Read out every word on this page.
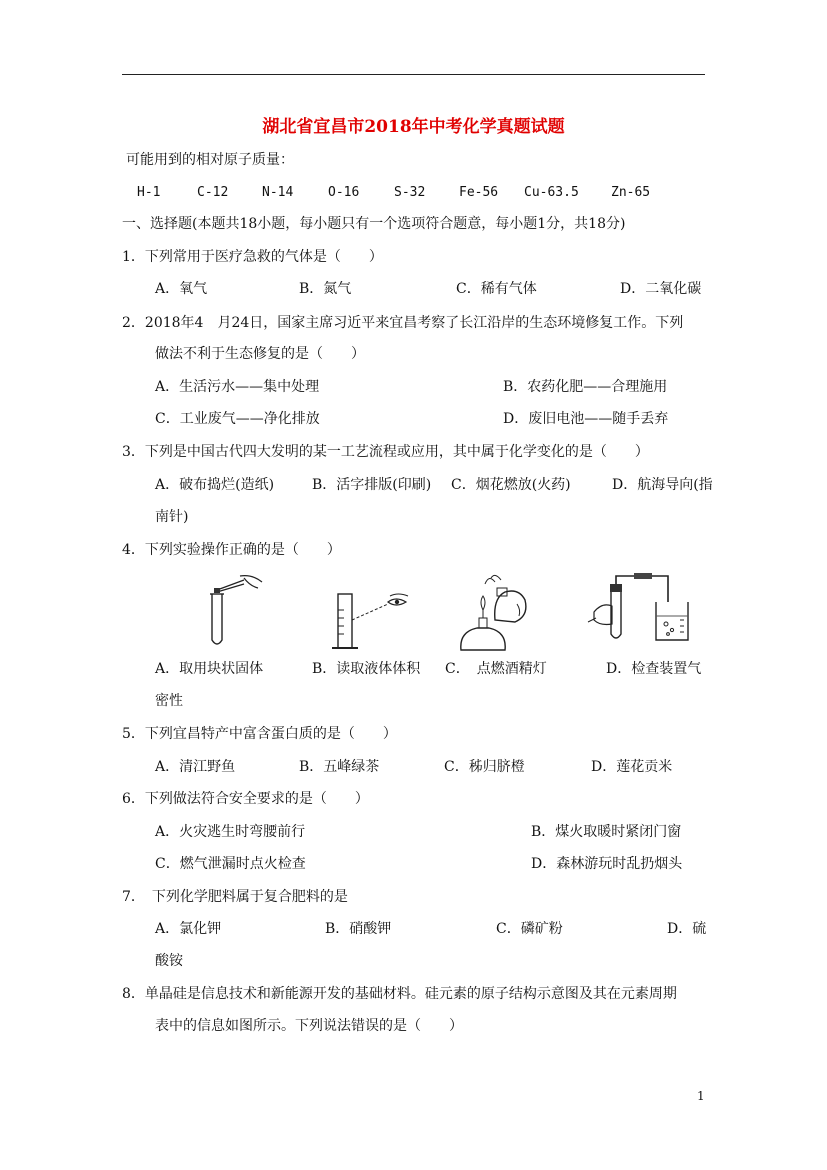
湖北省宜昌市2018年中考化学真题试题
可能用到的相对原子质量：
H-1	C-12	N-14	O-16	S-32	Fe-56 Cu-63.5 Zn-65
一、选择题(本题共18小题，每小题只有一个选项符合题意，每小题1分，共18分)
1．下列常用于医疗急救的气体是（　　）
A．氧气	B．氮气	C．稀有气体	D．二氧化碳
2．2018年4　月24日，国家主席习近平来宜昌考察了长江沿岸的生态环境修复工作。下列
做法不利于生态修复的是（　　）
A．生活污水——集中处理	B．农药化肥——合理施用
C．工业废气——净化排放	D．废旧电池——随手丢弃
3．下列是中国古代四大发明的某一工艺流程或应用，其中属于化学变化的是（　　）
A．破布捣烂(造纸)	B．活字排版(印刷) C．烟花燃放(火药)	D．航海导向(指
南针)
4．下列实验操作正确的是（　　）
A．取用块状固体	B．读取液体体积 C．　点燃酒精灯	D．检查装置气
密性
5．下列宜昌特产中富含蛋白质的是（　　）
A．清江野鱼	B．五峰绿茶	C．秭归脐橙	D．莲花贡米
6．下列做法符合安全要求的是（　　）
A．火灾逃生时弯腰前行	B．煤火取暖时紧闭门窗
C．燃气泄漏时点火检查	D．森林游玩时乱扔烟头
7．　下列化学肥料属于复合肥料的是
A．氯化钾	B．硝酸钾	C．磷矿粉	D．硫
酸铵
8．单晶硅是信息技术和新能源开发的基础材料。硅元素的原子结构示意图及其在元素周期
表中的信息如图所示。下列说法错误的是（　　）
1
